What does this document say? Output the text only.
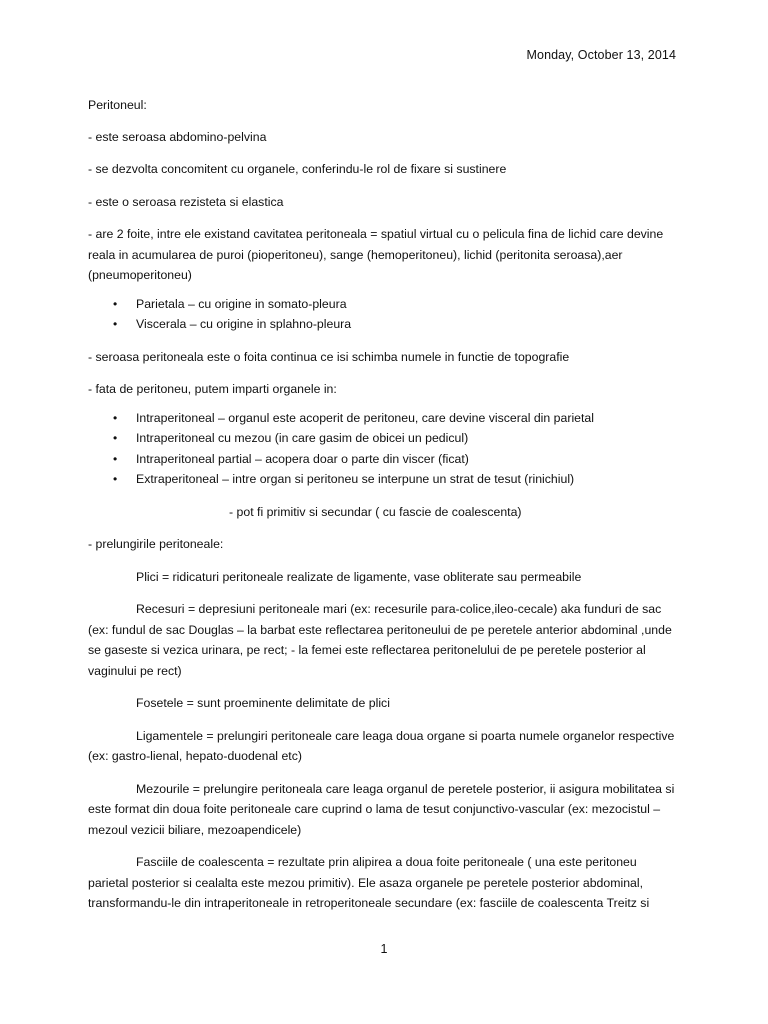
Monday, October 13, 2014
Peritoneul:
- este seroasa abdomino-pelvina
- se dezvolta concomitent cu organele, conferindu-le rol de fixare si sustinere
- este o seroasa rezisteta si elastica
- are 2 foite, intre ele existand cavitatea peritoneala = spatiul virtual cu o pelicula fina de lichid care devine reala in acumularea de puroi (pioperitoneu), sange (hemoperitoneu), lichid (peritonita seroasa),aer (pneumoperitoneu)
• Parietala – cu origine in somato-pleura
• Viscerala – cu origine in splahno-pleura
- seroasa peritoneala este o foita continua ce isi schimba numele in functie de topografie
- fata de peritoneu, putem imparti organele in:
• Intraperitoneal – organul este acoperit de peritoneu, care devine visceral din parietal
• Intraperitoneal cu mezou (in care gasim de obicei un pedicul)
• Intraperitoneal partial – acopera doar o parte din viscer (ficat)
• Extraperitoneal – intre organ si peritoneu se interpune un strat de tesut (rinichiul)
- pot fi primitiv si secundar ( cu fascie de coalescenta)
- prelungirile peritoneale:
Plici = ridicaturi peritoneale realizate de ligamente, vase obliterate sau permeabile
Recesuri = depresiuni peritoneale mari (ex: recesurile para-colice,ileo-cecale) aka funduri de sac (ex: fundul de sac Douglas – la barbat este reflectarea peritoneului de pe peretele anterior abdominal ,unde se gaseste si vezica urinara, pe rect; - la femei este reflectarea peritonelului de pe peretele posterior al vaginului pe rect)
Fosetele = sunt proeminente delimitate de plici
Ligamentele = prelungiri peritoneale care leaga doua organe si poarta numele organelor respective (ex: gastro-lienal, hepato-duodenal etc)
Mezourile = prelungire peritoneala care leaga organul de peretele posterior, ii asigura mobilitatea si este format din doua foite peritoneale care cuprind o lama de tesut conjunctivo-vascular (ex: mezocistul – mezoul vezicii biliare, mezoapendicele)
Fasciile de coalescenta = rezultate prin alipirea a doua foite peritoneale ( una este peritoneu parietal posterior si cealalta este mezou primitiv). Ele asaza organele pe peretele posterior abdominal, transformandu-le din intraperitoneale in retroperitoneale secundare (ex: fasciile de coalescenta Treitz si
1
